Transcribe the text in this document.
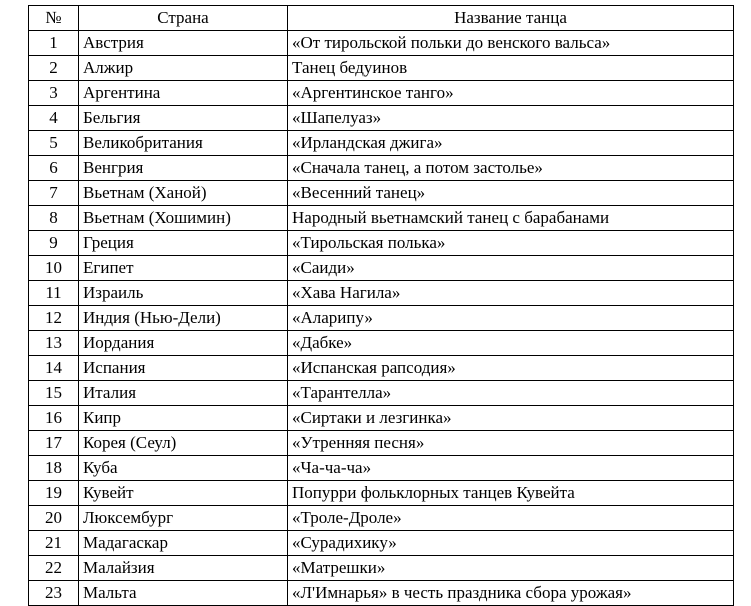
№	Страна	Название танца
1	Австрия	«От тирольской польки до венского вальса»
2	Алжир	Танец бедуинов
3	Аргентина	«Аргентинское танго»
4	Бельгия	«Шапелуаз»
5	Великобритания	«Ирландская джига»
6	Венгрия	«Сначала танец, а потом застолье»
7	Вьетнам (Ханой)	«Весенний танец»
8	Вьетнам (Хошимин)	Народный вьетнамский танец с барабанами
9	Греция	«Тирольская полька»
10	Египет	«Саиди»
11	Израиль	«Хава Нагила»
12	Индия (Нью-Дели)	«Аларипу»
13	Иордания	«Дабке»
14	Испания	«Испанская рапсодия»
15	Италия	«Тарантелла»
16	Кипр	«Сиртаки и лезгинка»
17	Корея (Сеул)	«Утренняя песня»
18	Куба	«Ча-ча-ча»
19	Кувейт	Попурри фольклорных танцев Кувейта
20	Люксембург	«Троле-Дроле»
21	Мадагаскар	«Сурадихику»
22	Малайзия	«Матрешки»
23	Мальта	«Л'Имнарья» в честь праздника сбора урожая»
